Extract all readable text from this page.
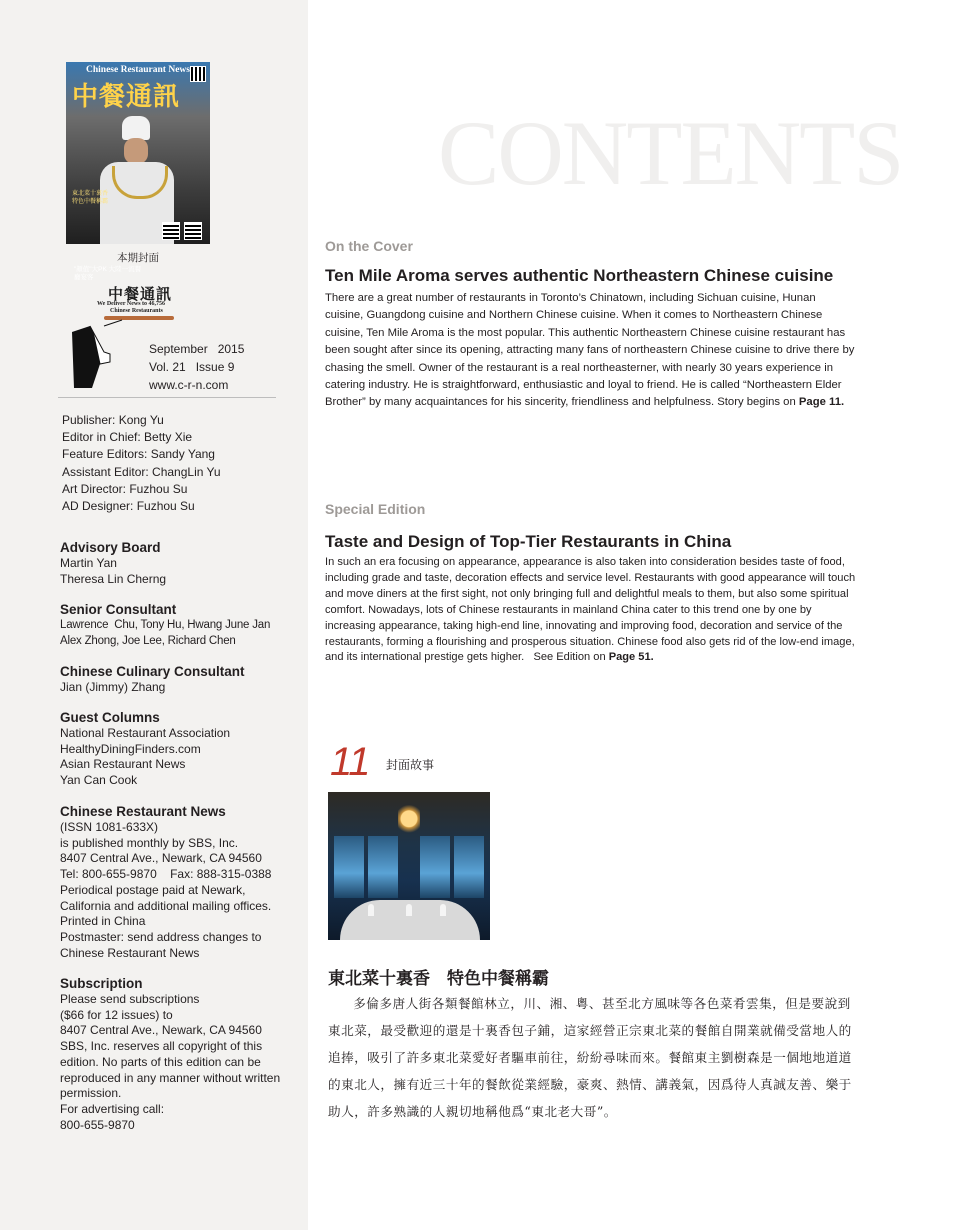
Chinese Restaurant News
中餐通訊
東北菜十裏香 特色中餐稱霸
"顏值"大PK 大陸一流餐廳宴客
本期封面
中餐通訊
We Deliver News to 46,756
Chinese Restaurants
September   2015
Vol. 21   Issue 9
www.c-r-n.com
Publisher: Kong Yu
Editor in Chief: Betty Xie
Feature Editors: Sandy Yang
Assistant Editor: ChangLin Yu
Art Director: Fuzhou Su
AD Designer: Fuzhou Su
Advisory Board
Martin Yan
Theresa Lin Cherng
Senior Consultant
Lawrence  Chu, Tony Hu, Hwang June Jan
Alex Zhong, Joe Lee, Richard Chen
Chinese Culinary Consultant
Jian (Jimmy) Zhang
Guest Columns
National Restaurant Association
HealthyDiningFinders.com
Asian Restaurant News
Yan Can Cook
Chinese Restaurant News
(ISSN 1081-633X)
is published monthly by SBS, Inc.
8407 Central Ave., Newark, CA 94560
Tel: 800-655-9870    Fax: 888-315-0388
Periodical postage paid at Newark,
California and additional mailing offices.
Printed in China
Postmaster: send address changes to
Chinese Restaurant News
Subscription
Please send subscriptions
($66 for 12 issues) to
8407 Central Ave., Newark, CA 94560
SBS, Inc. reserves all copyright of this
edition. No parts of this edition can be
reproduced in any manner without written
permission.
For advertising call:
800-655-9870
CONTENTS
On the Cover
Ten Mile Aroma serves authentic Northeastern Chinese cuisine
There are a great number of restaurants in Toronto’s Chinatown, including Sichuan cuisine, Hunan cuisine, Guangdong cuisine and Northern Chinese cuisine. When it comes to Northeastern Chinese cuisine, Ten Mile Aroma is the most popular. This authentic Northeastern Chinese cuisine restaurant has been sought after since its opening, attracting many fans of northeastern Chinese cuisine to drive there by chasing the smell. Owner of the restaurant is a real northeasterner, with nearly 30 years experience in catering industry. He is straightforward, enthusiastic and loyal to friend. He is called “Northeastern Elder Brother” by many acquaintances for his sincerity, friendliness and helpfulness. Story begins on Page 11.
Special Edition
Taste and Design of Top-Tier Restaurants in China
In such an era focusing on appearance, appearance is also taken into consideration besides taste of food, including grade and taste, decoration effects and service level. Restaurants with good appearance will touch and move diners at the first sight, not only bringing full and delightful meals to them, but also some spiritual comfort. Nowadays, lots of Chinese restaurants in mainland China cater to this trend one by one by increasing appearance, taking high-end line, innovating and improving food, decoration and service of the restaurants, forming a flourishing and prosperous situation. Chinese food also gets rid of the low-end image, and its international prestige gets higher.   See Edition on Page 51.
11 封面故事
東北菜十裏香　特色中餐稱霸
多倫多唐人街各類餐館林立，川、湘、粵、甚至北方風味等各色菜肴雲集，但是要說到東北菜，最受歡迎的還是十裏香包子鋪，這家經營正宗東北菜的餐館自開業就備受當地人的追捧，吸引了許多東北菜愛好者驅車前往，紛紛尋味而來。餐館東主劉樹森是一個地地道道的東北人，擁有近三十年的餐飲從業經驗，豪爽、熱情、講義氣，因爲待人真誠友善、樂于助人，許多熟識的人親切地稱他爲“東北老大哥”。
